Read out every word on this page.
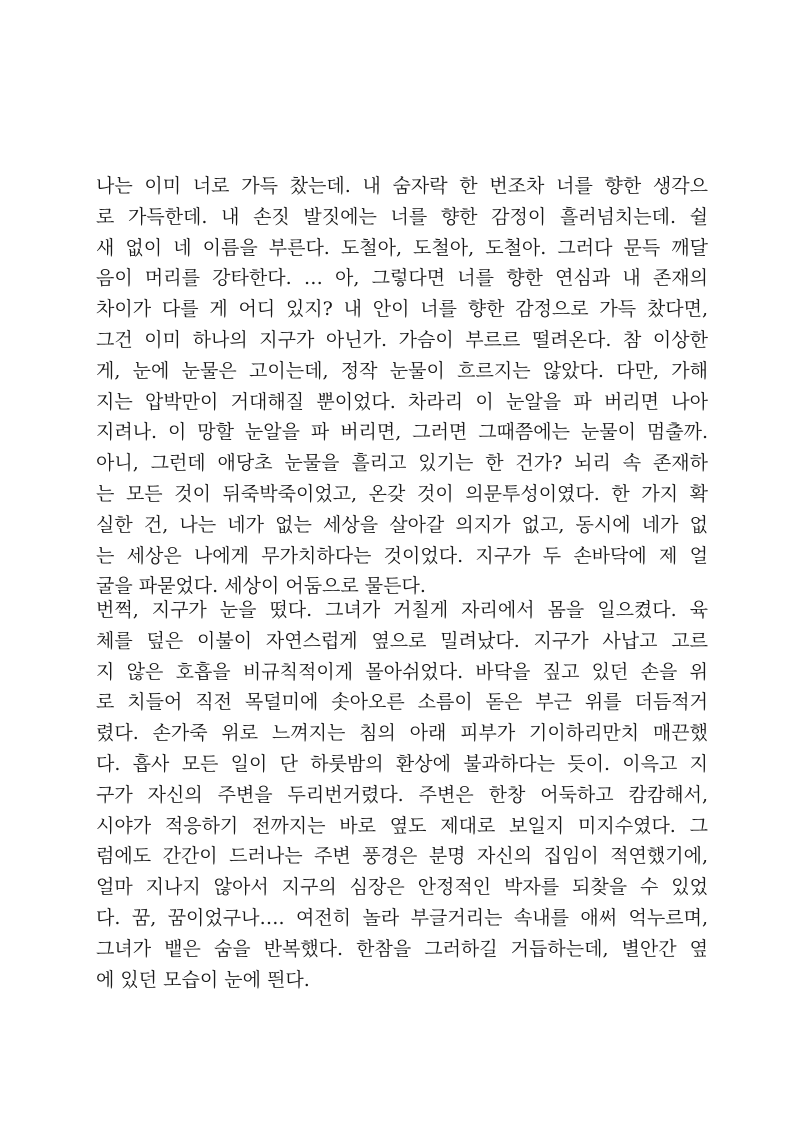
나는 이미 너로 가득 찼는데. 내 숨자락 한 번조차 너를 향한 생각으
로 가득한데. 내 손짓 발짓에는 너를 향한 감정이 흘러넘치는데. 쉴
새 없이 네 이름을 부른다. 도철아, 도철아, 도철아. 그러다 문득 깨달
음이 머리를 강타한다. … 아, 그렇다면 너를 향한 연심과 내 존재의
차이가 다를 게 어디 있지? 내 안이 너를 향한 감정으로 가득 찼다면,
그건 이미 하나의 지구가 아닌가. 가슴이 부르르 떨려온다. 참 이상한
게, 눈에 눈물은 고이는데, 정작 눈물이 흐르지는 않았다. 다만, 가해
지는 압박만이 거대해질 뿐이었다. 차라리 이 눈알을 파 버리면 나아
지려나. 이 망할 눈알을 파 버리면, 그러면 그때쯤에는 눈물이 멈출까.
아니, 그런데 애당초 눈물을 흘리고 있기는 한 건가? 뇌리 속 존재하
는 모든 것이 뒤죽박죽이었고, 온갖 것이 의문투성이였다. 한 가지 확
실한 건, 나는 네가 없는 세상을 살아갈 의지가 없고, 동시에 네가 없
는 세상은 나에게 무가치하다는 것이었다. 지구가 두 손바닥에 제 얼
굴을 파묻었다. 세상이 어둠으로 물든다.

번쩍, 지구가 눈을 떴다. 그녀가 거칠게 자리에서 몸을 일으켰다. 육
체를 덮은 이불이 자연스럽게 옆으로 밀려났다. 지구가 사납고 고르
지 않은 호흡을 비규칙적이게 몰아쉬었다. 바닥을 짚고 있던 손을 위
로 치들어 직전 목덜미에 솟아오른 소름이 돋은 부근 위를 더듬적거
렸다. 손가죽 위로 느껴지는 침의 아래 피부가 기이하리만치 매끈했
다. 흡사 모든 일이 단 하룻밤의 환상에 불과하다는 듯이. 이윽고 지
구가 자신의 주변을 두리번거렸다. 주변은 한창 어둑하고 캄캄해서,
시야가 적응하기 전까지는 바로 옆도 제대로 보일지 미지수였다. 그
럼에도 간간이 드러나는 주변 풍경은 분명 자신의 집임이 적연했기에,
얼마 지나지 않아서 지구의 심장은 안정적인 박자를 되찾을 수 있었
다. 꿈, 꿈이었구나…. 여전히 놀라 부글거리는 속내를 애써 억누르며,
그녀가 뱉은 숨을 반복했다. 한참을 그러하길 거듭하는데, 별안간 옆
에 있던 모습이 눈에 띈다.
